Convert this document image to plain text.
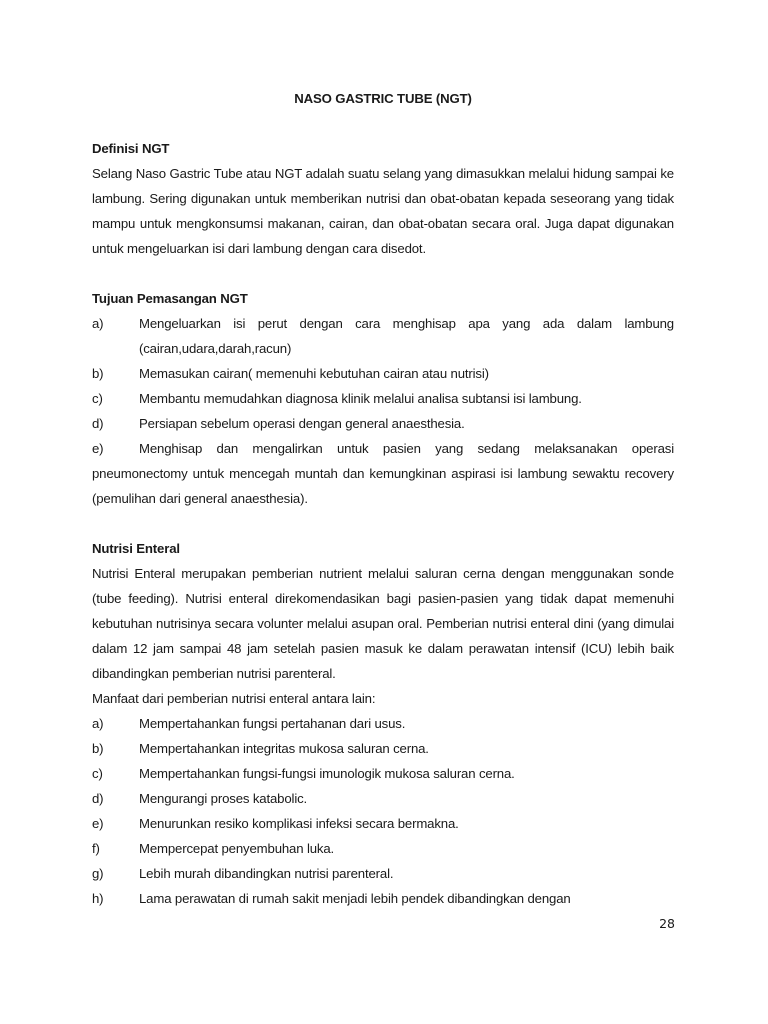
NASO GASTRIC TUBE (NGT)
Definisi NGT

Selang Naso Gastric Tube atau NGT adalah suatu selang yang dimasukkan melalui hidung sampai ke lambung. Sering digunakan untuk memberikan nutrisi dan obat-obatan kepada seseorang yang tidak mampu untuk mengkonsumsi makanan, cairan, dan obat-obatan secara oral. Juga dapat digunakan untuk mengeluarkan isi dari lambung dengan cara disedot.

Tujuan Pemasangan NGT
a)	Mengeluarkan isi perut dengan cara menghisap apa yang ada dalam lambung (cairan,udara,darah,racun)
b)	Memasukan cairan( memenuhi kebutuhan cairan atau nutrisi)
c)	Membantu memudahkan diagnosa klinik melalui analisa subtansi isi lambung.
d)	Persiapan sebelum operasi dengan general anaesthesia.
e)	Menghisap dan mengalirkan untuk pasien yang sedang melaksanakan operasi pneumonectomy untuk mencegah muntah dan kemungkinan aspirasi isi lambung sewaktu recovery (pemulihan dari general anaesthesia).
Nutrisi Enteral

Nutrisi Enteral merupakan pemberian nutrient melalui saluran cerna dengan menggunakan sonde (tube feeding). Nutrisi enteral direkomendasikan bagi pasien-pasien yang tidak dapat memenuhi kebutuhan nutrisinya secara volunter melalui asupan oral. Pemberian nutrisi enteral dini (yang dimulai dalam 12 jam sampai 48 jam setelah pasien masuk ke dalam perawatan intensif (ICU) lebih baik dibandingkan pemberian nutrisi parenteral.

Manfaat dari pemberian nutrisi enteral antara lain:

a)	Mempertahankan fungsi pertahanan dari usus.
b)	Mempertahankan integritas mukosa saluran cerna.
c)	Mempertahankan fungsi-fungsi imunologik mukosa saluran cerna.
d)	Mengurangi proses katabolic.
e)	Menurunkan resiko komplikasi infeksi secara bermakna.
f)	Mempercepat penyembuhan luka.
g)	Lebih murah dibandingkan nutrisi parenteral.
h)	Lama perawatan di rumah sakit menjadi lebih pendek dibandingkan dengan
28
